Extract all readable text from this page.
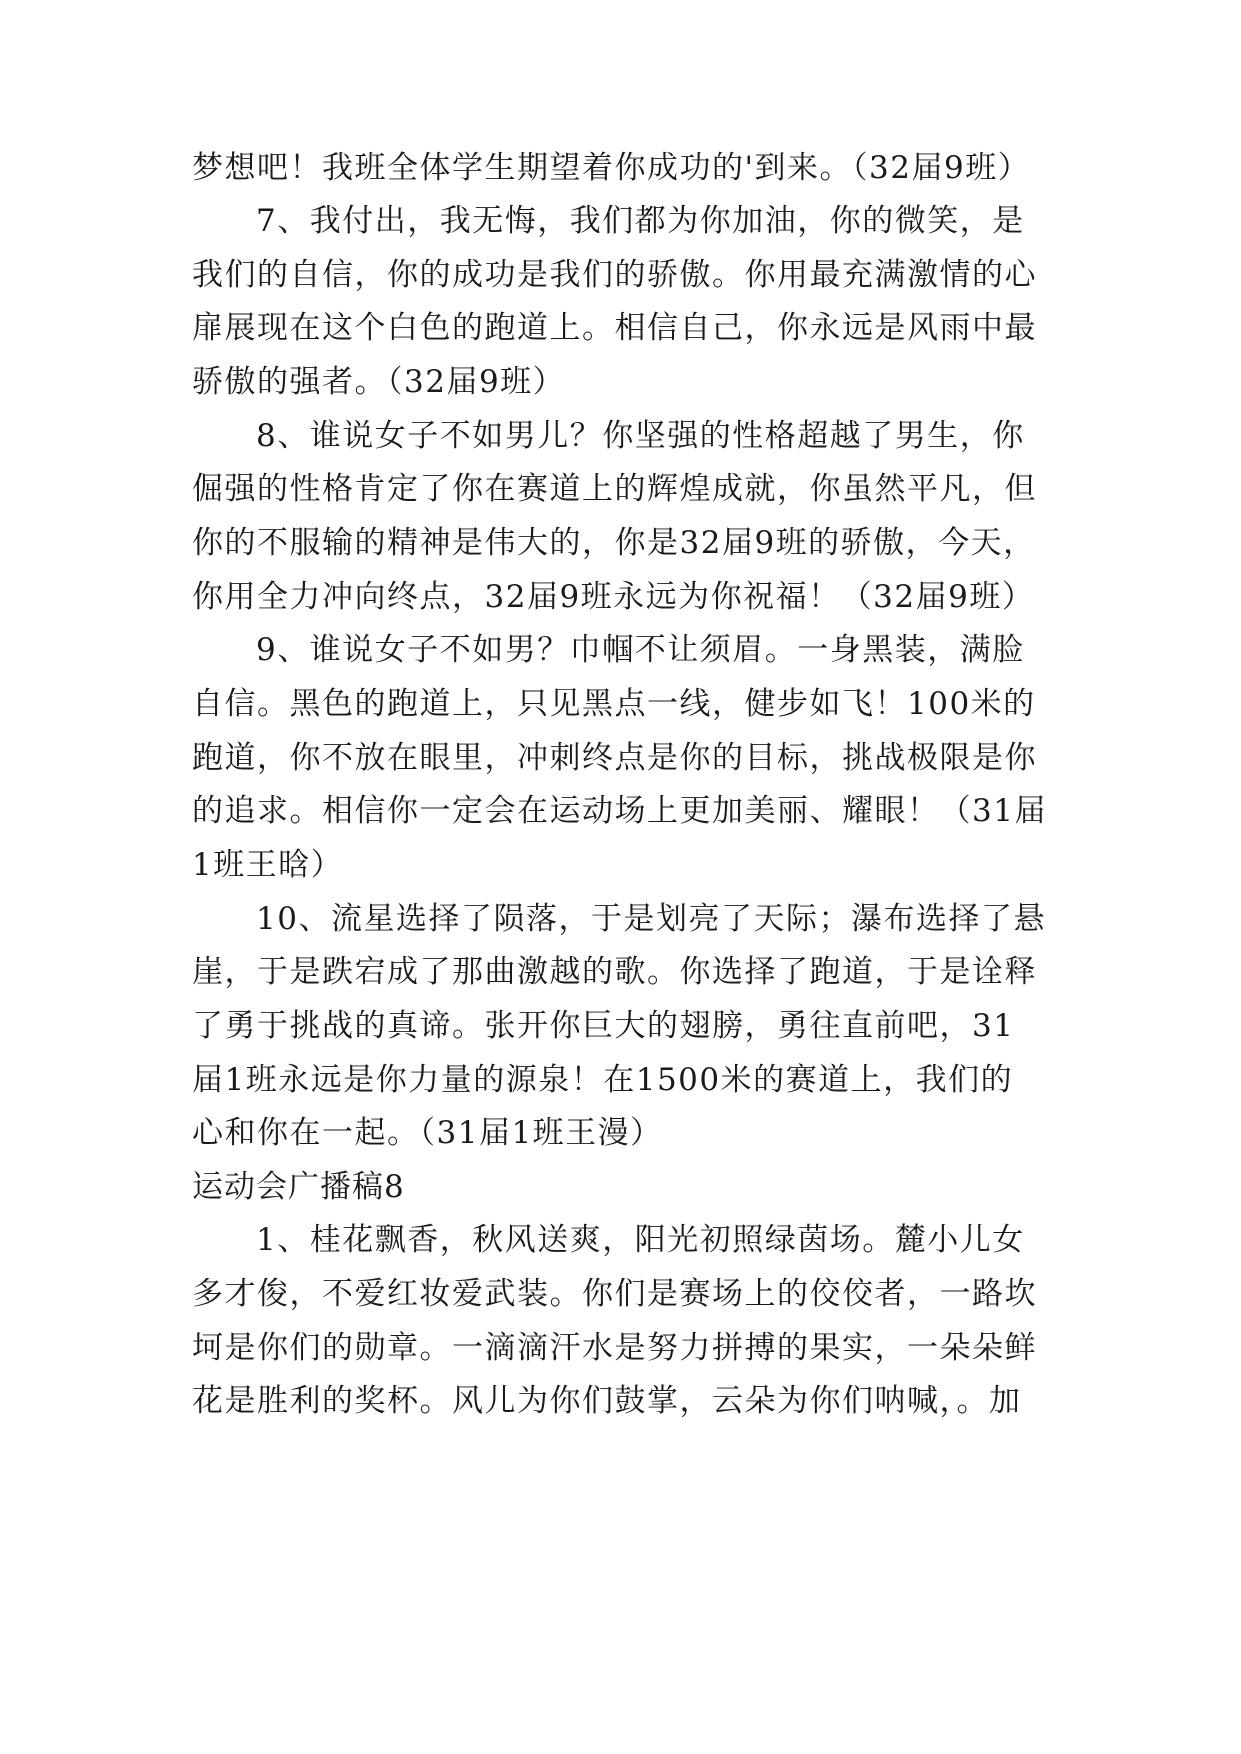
梦想吧！我班全体学生期望着你成功的'到来。（32届9班）
7、我付出，我无悔，我们都为你加油，你的微笑，是
我们的自信，你的成功是我们的骄傲。你用最充满激情的心
扉展现在这个白色的跑道上。相信自己，你永远是风雨中最
骄傲的强者。（32届9班）
8、谁说女子不如男儿？你坚强的性格超越了男生，你
倔强的性格肯定了你在赛道上的辉煌成就，你虽然平凡，但
你的不服输的精神是伟大的，你是32届9班的骄傲，今天，
你用全力冲向终点，32届9班永远为你祝福！（32届9班）
9、谁说女子不如男？巾帼不让须眉。一身黑装，满脸
自信。黑色的跑道上，只见黑点一线，健步如飞！100米的
跑道，你不放在眼里，冲刺终点是你的目标，挑战极限是你
的追求。相信你一定会在运动场上更加美丽、耀眼！（31届
1班王晗）
10、流星选择了陨落，于是划亮了天际；瀑布选择了悬
崖，于是跌宕成了那曲激越的歌。你选择了跑道，于是诠释
了勇于挑战的真谛。张开你巨大的翅膀，勇往直前吧，31
届1班永远是你力量的源泉！在1500米的赛道上，我们的
心和你在一起。（31届1班王漫）
运动会广播稿8
1、桂花飘香，秋风送爽，阳光初照绿茵场。麓小儿女
多才俊，不爱红妆爱武装。你们是赛场上的佼佼者，一路坎
坷是你们的勋章。一滴滴汗水是努力拼搏的果实，一朵朵鲜
花是胜利的奖杯。风儿为你们鼓掌，云朵为你们呐喊，。加
